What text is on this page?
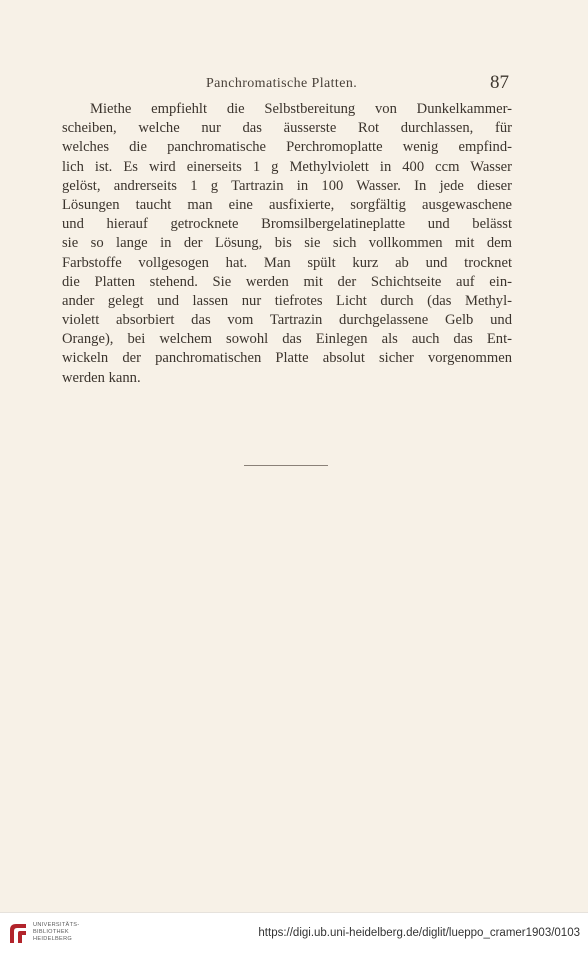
Panchromatische Platten.	87
Miethe empfiehlt die Selbstbereitung von Dunkelkammer-
scheiben, welche nur das äusserste Rot durchlassen, für
welches die panchromatische Perchromoplatte wenig empfind-
lich ist. Es wird einerseits 1 g Methylviolett in 400 ccm Wasser
gelöst, andrerseits 1 g Tartrazin in 100 Wasser. In jede dieser
Lösungen taucht man eine ausfixierte, sorgfältig ausgewaschene
und hierauf getrocknete Bromsilbergelatineplatte und belässt
sie so lange in der Lösung, bis sie sich vollkommen mit dem
Farbstoffe vollgesogen hat. Man spült kurz ab und trocknet
die Platten stehend. Sie werden mit der Schichtseite auf ein-
ander gelegt und lassen nur tiefrotes Licht durch (das Methyl-
violett absorbiert das vom Tartrazin durchgelassene Gelb und
Orange), bei welchem sowohl das Einlegen als auch das Ent-
wickeln der panchromatischen Platte absolut sicher vorgenommen
werden kann.
UNIVERSITÄTS-
BIBLIOTHEK
HEIDELBERG	https://digi.ub.uni-heidelberg.de/diglit/lueppo_cramer1903/0103
